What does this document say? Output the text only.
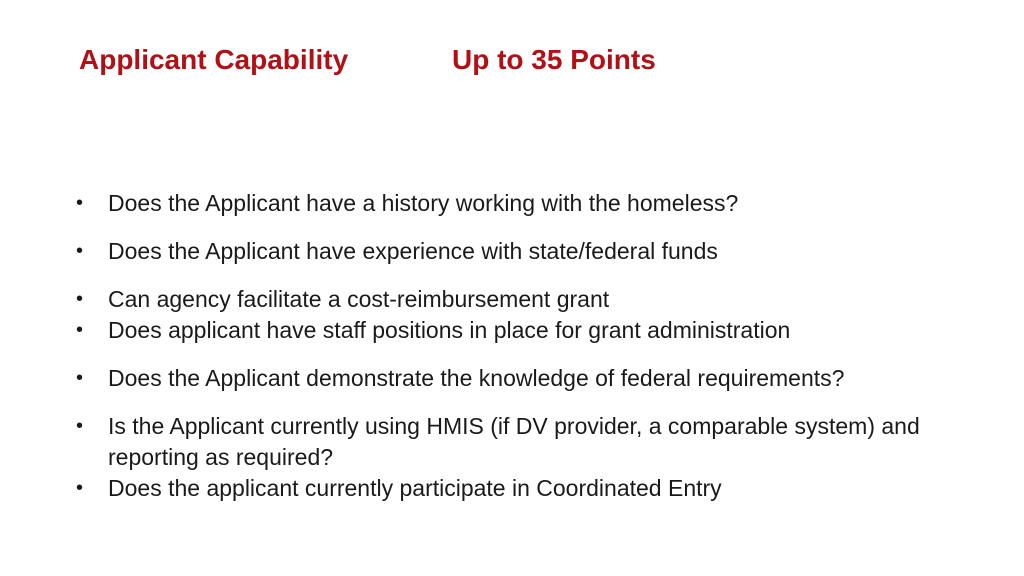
Applicant Capability	Up to 35 Points
•	Does the Applicant have a history working with the homeless?
•	Does the Applicant have experience with state/federal funds
•	Can agency facilitate a cost-reimbursement grant
•	Does applicant have staff positions in place for grant administration
•	Does the Applicant demonstrate the knowledge of federal requirements?
•	Is the Applicant currently using HMIS (if DV provider, a comparable system) and reporting as required?
•	Does the applicant currently participate in Coordinated Entry
